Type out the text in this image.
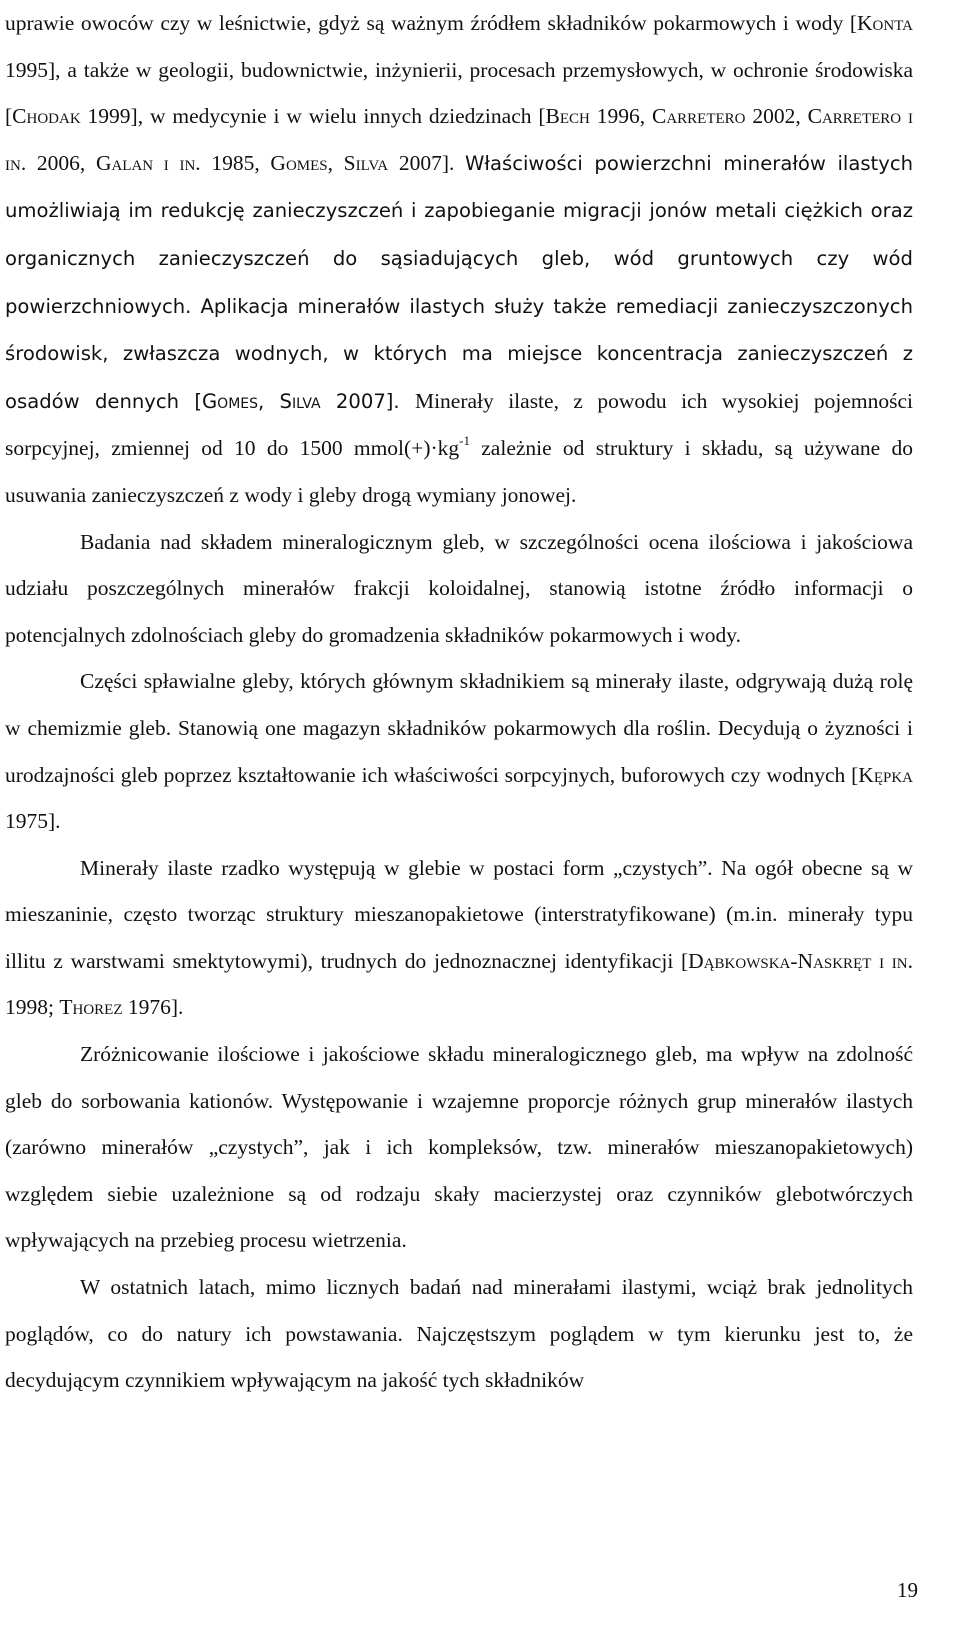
uprawie owoców czy w leśnictwie, gdyż są ważnym źródłem składników pokarmowych i wody [Konta 1995], a także w geologii, budownictwie, inżynierii, procesach przemysłowych, w ochronie środowiska [Chodak 1999], w medycynie i w wielu innych dziedzinach [Bech 1996, Carretero 2002, Carretero i in. 2006, Galan i in. 1985, Gomes, Silva 2007]. Właściwości powierzchni minerałów ilastych umożliwiają im redukcję zanieczyszczeń i zapobieganie migracji jonów metali ciężkich oraz organicznych zanieczyszczeń do sąsiadujących gleb, wód gruntowych czy wód powierzchniowych. Aplikacja minerałów ilastych służy także remediacji zanieczyszczonych środowisk, zwłaszcza wodnych, w których ma miejsce koncentracja zanieczyszczeń z osadów dennych [Gomes, Silva 2007]. Minerały ilaste, z powodu ich wysokiej pojemności sorpcyjnej, zmiennej od 10 do 1500 $mmol(+)\cdot kg^{-1}$ zależnie od struktury i składu, są używane do usuwania zanieczyszczeń z wody i gleby drogą wymiany jonowej.

Badania nad składem mineralogicznym gleb, w szczególności ocena ilościowa i jakościowa udziału poszczególnych minerałów frakcji koloidalnej, stanowią istotne źródło informacji o potencjalnych zdolnościach gleby do gromadzenia składników pokarmowych i wody.

Części spławialne gleby, których głównym składnikiem są minerały ilaste, odgrywają dużą rolę w chemizmie gleb. Stanowią one magazyn składników pokarmowych dla roślin. Decydują o żyzności i urodzajności gleb poprzez kształtowanie ich właściwości sorpcyjnych, buforowych czy wodnych [Kępka 1975].

Minerały ilaste rzadko występują w glebie w postaci form „czystych”. Na ogół obecne są w mieszaninie, często tworząc struktury mieszanopakietowe (interstratyfikowane) (m.in. minerały typu illitu z warstwami smektytowymi), trudnych do jednoznacznej identyfikacji [Dąbkowska-Naskręt i in. 1998; Thorez 1976].

Zróżnicowanie ilościowe i jakościowe składu mineralogicznego gleb, ma wpływ na zdolność gleb do sorbowania kationów. Występowanie i wzajemne proporcje różnych grup minerałów ilastych (zarówno minerałów „czystych”, jak i ich kompleksów, tzw. minerałów mieszanopakietowych) względem siebie uzależnione są od rodzaju skały macierzystej oraz czynników glebotwórczych wpływających na przebieg procesu wietrzenia.

W ostatnich latach, mimo licznych badań nad minerałami ilastymi, wciąż brak jednolitych poglądów, co do natury ich powstawania. Najczęstszym poglądem w tym kierunku jest to, że decydującym czynnikiem wpływającym na jakość tych składników

19
